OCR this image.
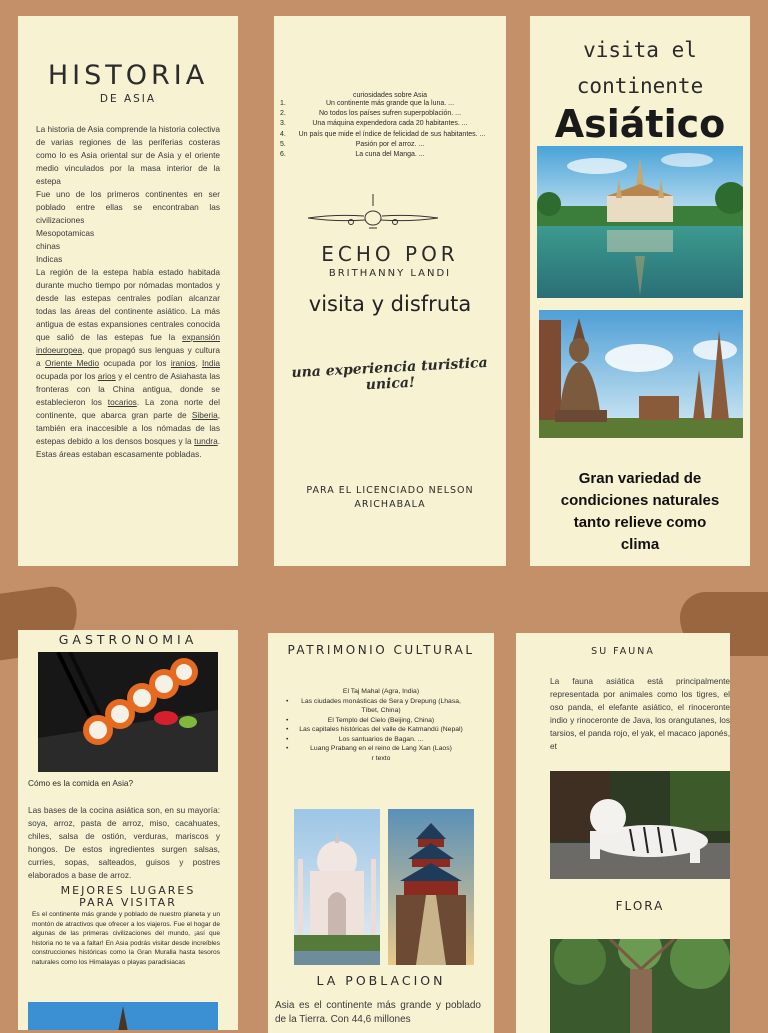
HISTORIA
DE ASIA

La historia de Asia comprende la historia colectiva de varias regiones de las periferias costeras como lo es Asia oriental sur de Asia y el oriente medio vinculados por la masa interior de la estepa

Fue uno de los primeros continentes en ser poblado entre ellas se encontraban las civilizaciones

Mesopotamicas
chinas
Indicas

La región de la estepa había estado habitada durante mucho tiempo por nómadas montados y desde las estepas centrales podían alcanzar todas las áreas del continente asiático. La más antigua de estas expansiones centrales conocida que salió de las estepas fue la expansión indoeuropea, que propagó sus lenguas y cultura a Oriente Medio ocupada por los iranios, India ocupada por los arios y el centro de Asiahasta las fronteras con la China antigua, donde se establecieron los tocarios. La zona norte del continente, que abarca gran parte de Siberia, también era inaccesible a los nómadas de las estepas debido a los densos bosques y la tundra. Estas áreas estaban escasamente pobladas.

curiosidades sobre Asia
1.	Un continente más grande que la luna. ...
2.	No todos los países sufren superpoblación. ...
3.	Una máquina expendedora cada 20 habitantes. ...
4.	Un país que mide el índice de felicidad de sus habitantes. ...
5.	Pasión por el arroz. ...
6.	La cuna del Manga. ...
ECHO POR
BRITHANNY LANDI
visita y disfruta
una experiencia turistica unica!
PARA EL LICENCIADO NELSON ARICHABALA
visita el
continente
Asiático
Gran variedad de condiciones naturales tanto relieve como clima
GASTRONOMIA
Cómo es la comida en Asia?

Las bases de la cocina asiática son, en su mayoría: soya, arroz, pasta de arroz, miso, cacahuates, chiles, salsa de ostión, verduras, mariscos y hongos. De estos ingredientes surgen salsas, curries, sopas, salteados, guisos y postres elaborados a base de arroz.

MEJORES LUGARES PARA VISITAR

Es el continente más grande y poblado de nuestro planeta y un montón de atractivos que ofrecer a los viajeros. Fue el hogar de algunas de las primeras civilizaciones del mundo, ¡así que historia no te va a faltar! En Asia podrás visitar desde increíbles construcciones históricas como la Gran Muralla hasta tesoros naturales como los Himalayas o playas paradisiacas

PATRIMONIO CULTURAL
El Taj Mahal (Agra, India)
• Las ciudades monásticas de Sera y Drepung (Lhasa, Tíbet, China)
•	El Templo del Cielo (Beijing, China)
• Las capitales históricas del valle de Katmandú (Nepal)
•	Los santuarios de Bagan. ...
•	Luang Prabang en el reino de Lang Xan (Laos)
r texto
LA POBLACION

Asia es el continente más grande y poblado de la Tierra. Con 44,6 millones

SU FAUNA

La fauna asiática está principalmente representada por animales como los tigres, el oso panda, el elefante asiático, el rinoceronte indio y rinoceronte de Java, los orangutanes, los tarsios, el panda rojo, el yak, el macaco japonés, et

FLORA
